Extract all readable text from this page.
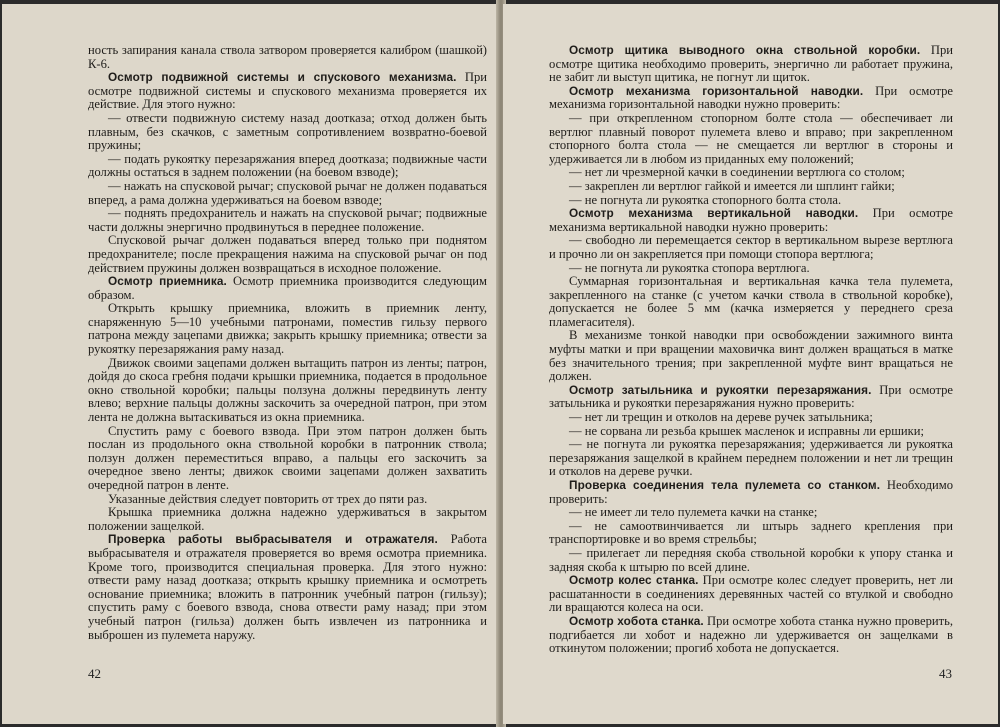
ность запирания канала ствола затвором проверяется калибром (шашкой) К-6.

Осмотр подвижной системы и спускового механизма. При осмотре подвижной системы и спускового механизма проверяется их действие. Для этого нужно:

— отвести подвижную систему назад доотказа; отход должен быть плавным, без скачков, с заметным сопротивлением возвратно-боевой пружины;

— подать рукоятку перезаряжания вперед доотказа; подвижные части должны остаться в заднем положении (на боевом взводе);

— нажать на спусковой рычаг; спусковой рычаг не должен подаваться вперед, а рама должна удерживаться на боевом взводе;

— поднять предохранитель и нажать на спусковой рычаг; подвижные части должны энергично продвинуться в переднее положение.

Спусковой рычаг должен подаваться вперед только при поднятом предохранителе; после прекращения нажима на спусковой рычаг он под действием пружины должен возвращаться в исходное положение.

Осмотр приемника. Осмотр приемника производится следующим образом.

Открыть крышку приемника, вложить в приемник ленту, снаряженную 5—10 учебными патронами, поместив гильзу первого патрона между зацепами движка; закрыть крышку приемника; отвести за рукоятку перезаряжания раму назад.

Движок своими зацепами должен вытащить патрон из ленты; патрон, дойдя до скоса гребня подачи крышки приемника, подается в продольное окно ствольной коробки; пальцы ползуна должны передвинуть ленту влево; верхние пальцы должны заскочить за очередной патрон, при этом лента не должна вытаскиваться из окна приемника.

Спустить раму с боевого взвода. При этом патрон должен быть послан из продольного окна ствольной коробки в патронник ствола; ползун должен переместиться вправо, а пальцы его заскочить за очередное звено ленты; движок своими зацепами должен захватить очередной патрон в ленте.

Указанные действия следует повторить от трех до пяти раз.

Крышка приемника должна надежно удерживаться в закрытом положении защелкой.

Проверка работы выбрасывателя и отражателя. Работа выбрасывателя и отражателя проверяется во время осмотра приемника. Кроме того, производится специальная проверка. Для этого нужно: отвести раму назад доотказа; открыть крышку приемника и осмотреть основание приемника; вложить в патронник учебный патрон (гильзу); спустить раму с боевого взвода, снова отвести раму назад; при этом учебный патрон (гильза) должен быть извлечен из патронника и выброшен из пулемета наружу.

42

Осмотр щитика выводного окна ствольной коробки. При осмотре щитика необходимо проверить, энергично ли работает пружина, не забит ли выступ щитика, не погнут ли щиток.

Осмотр механизма горизонтальной наводки. При осмотре механизма горизонтальной наводки нужно проверить:

— при открепленном стопорном болте стола — обеспечивает ли вертлюг плавный поворот пулемета влево и вправо; при закрепленном стопорного болта стола — не смещается ли вертлюг в стороны и удерживается ли в любом из приданных ему положений;

— нет ли чрезмерной качки в соединении вертлюга со столом;

— закреплен ли вертлюг гайкой и имеется ли шплинт гайки;

— не погнута ли рукоятка стопорного болта стола.

Осмотр механизма вертикальной наводки. При осмотре механизма вертикальной наводки нужно проверить:

— свободно ли перемещается сектор в вертикальном вырезе вертлюга и прочно ли он закрепляется при помощи стопора вертлюга;

— не погнута ли рукоятка стопора вертлюга.

Суммарная горизонтальная и вертикальная качка тела пулемета, закрепленного на станке (с учетом качки ствола в ствольной коробке), допускается не более 5 мм (качка измеряется у переднего среза пламегасителя).

В механизме тонкой наводки при освобождении зажимного винта муфты матки и при вращении маховичка винт должен вращаться в матке без значительного трения; при закрепленной муфте винт вращаться не должен.

Осмотр затыльника и рукоятки перезаряжания. При осмотре затыльника и рукоятки перезаряжания нужно проверить:

— нет ли трещин и отколов на дереве ручек затыльника;

— не сорвана ли резьба крышек масленок и исправны ли ершики;

— не погнута ли рукоятка перезаряжания; удерживается ли рукоятка перезаряжания защелкой в крайнем переднем положении и нет ли трещин и отколов на дереве ручки.

Проверка соединения тела пулемета со станком. Необходимо проверить:

— не имеет ли тело пулемета качки на станке;

— не самоотвинчивается ли штырь заднего крепления при транспортировке и во время стрельбы;

— прилегает ли передняя скоба ствольной коробки к упору станка и задняя скоба к штырю по всей длине.

Осмотр колес станка. При осмотре колес следует проверить, нет ли расшатанности в соединениях деревянных частей со втулкой и свободно ли вращаются колеса на оси.

Осмотр хобота станка. При осмотре хобота станка нужно проверить, подгибается ли хобот и надежно ли удерживается он защелками в откинутом положении; прогиб хобота не допускается.

43
